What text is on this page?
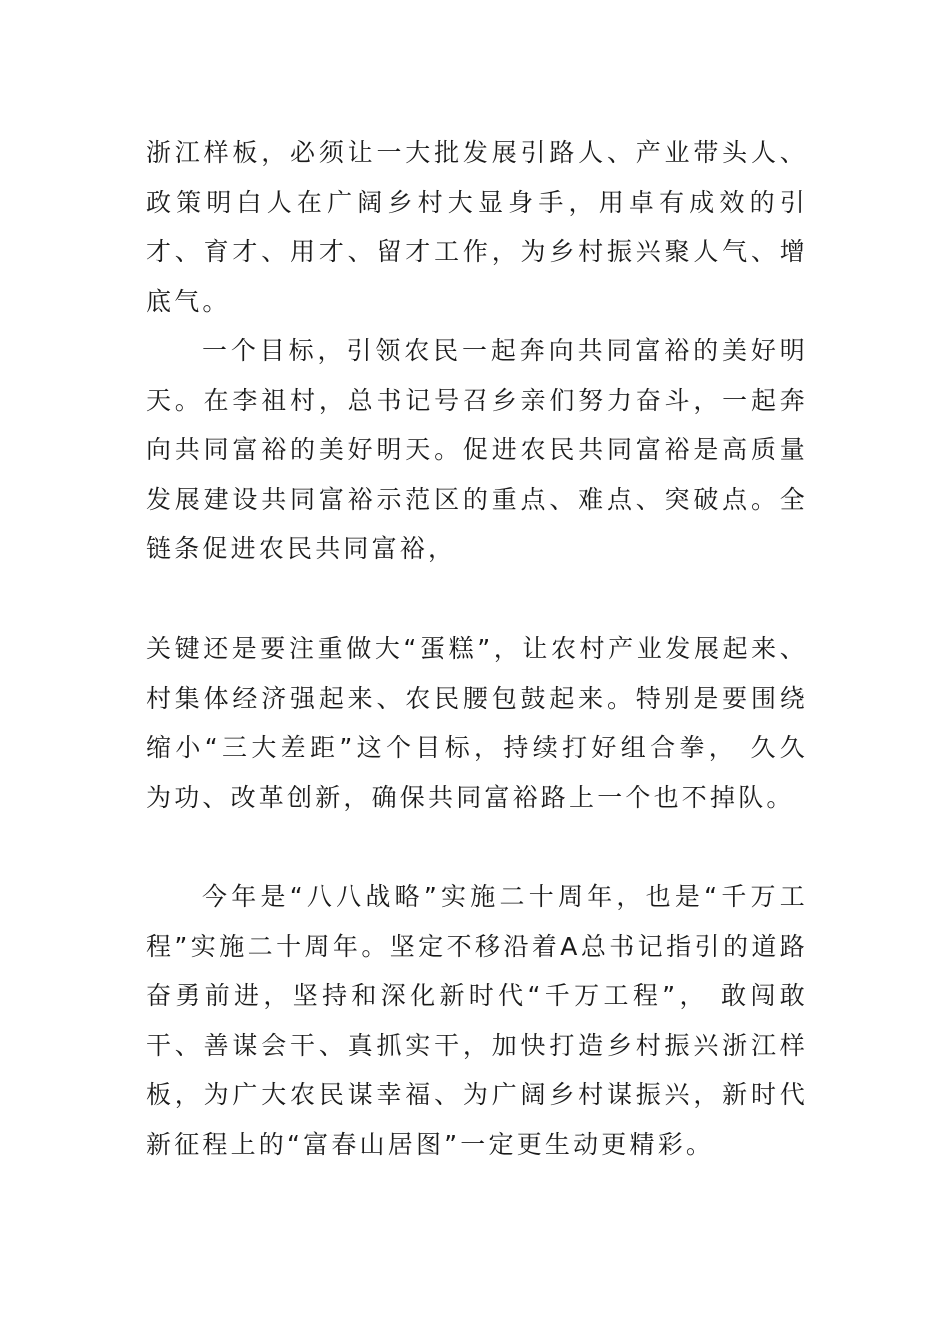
浙江样板，必须让一大批发展引路人、产业带头人、政策明白人在广阔乡村大显身手，用卓有成效的引才、育才、用才、留才工作，为乡村振兴聚人气、增底气。

一个目标，引领农民一起奔向共同富裕的美好明天。在李祖村，总书记号召乡亲们努力奋斗，一起奔向共同富裕的美好明天。促进农民共同富裕是高质量发展建设共同富裕示范区的重点、难点、突破点。全链条促进农民共同富裕，

关键还是要注重做大“蛋糕”，让农村产业发展起来、村集体经济强起来、农民腰包鼓起来。特别是要围绕缩小“三大差距”这个目标，持续打好组合拳， 久久为功、改革创新，确保共同富裕路上一个也不掉队。

今年是“八八战略”实施二十周年，也是“千万工程”实施二十周年。坚定不移沿着A总书记指引的道路奋勇前进，坚持和深化新时代“千万工程”， 敢闯敢干、善谋会干、真抓实干，加快打造乡村振兴浙江样板，为广大农民谋幸福、为广阔乡村谋振兴，新时代新征程上的“富春山居图”一定更生动更精彩。
